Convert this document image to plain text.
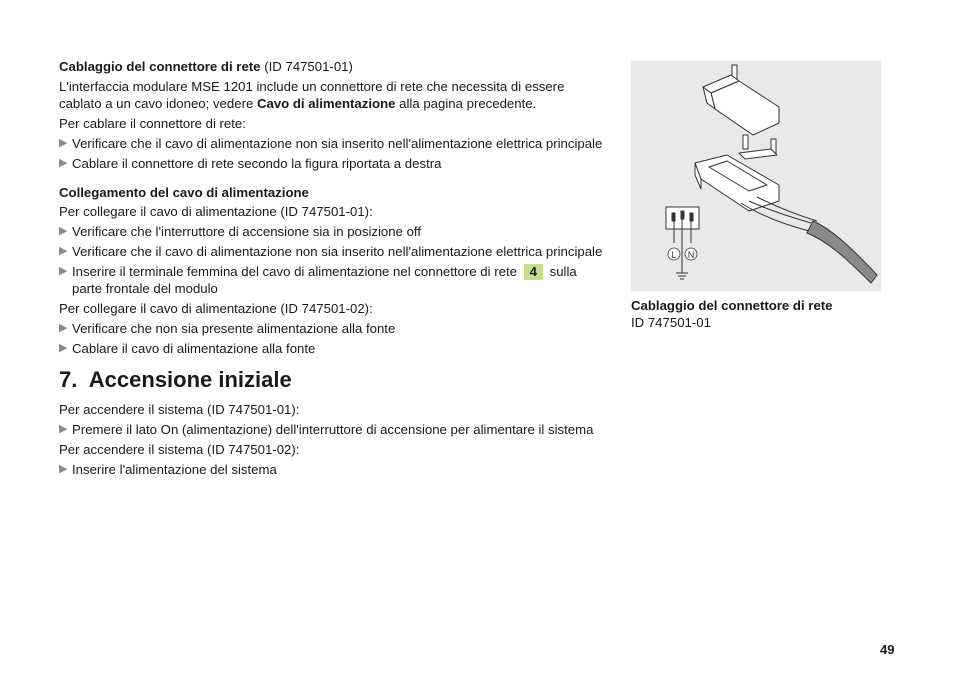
Cablaggio del connettore di rete (ID 747501-01)

L'interfaccia modulare MSE 1201 include un connettore di rete che necessita di essere cablato a un cavo idoneo; vedere Cavo di alimentazione alla pagina precedente.

Per cablare il connettore di rete:

▶ Verificare che il cavo di alimentazione non sia inserito nell'alimentazione elettrica principale
▶ Cablare il connettore di rete secondo la figura riportata a destra

Collegamento del cavo di alimentazione

Per collegare il cavo di alimentazione (ID 747501-01):

▶ Verificare che l'interruttore di accensione sia in posizione off
▶ Verificare che il cavo di alimentazione non sia inserito nell'alimentazione elettrica principale
▶ Inserire il terminale femmina del cavo di alimentazione nel connettore di rete 4 sulla parte frontale del modulo

Per collegare il cavo di alimentazione (ID 747501-02):

▶ Verificare che non sia presente alimentazione alla fonte
▶ Cablare il cavo di alimentazione alla fonte

7. Accensione iniziale

Per accendere il sistema (ID 747501-01):

▶ Premere il lato On (alimentazione) dell'interruttore di accensione per alimentare il sistema

Per accendere il sistema (ID 747501-02):

▶ Inserire l'alimentazione del sistema
L N

Cablaggio del connettore di rete

ID 747501-01

49
